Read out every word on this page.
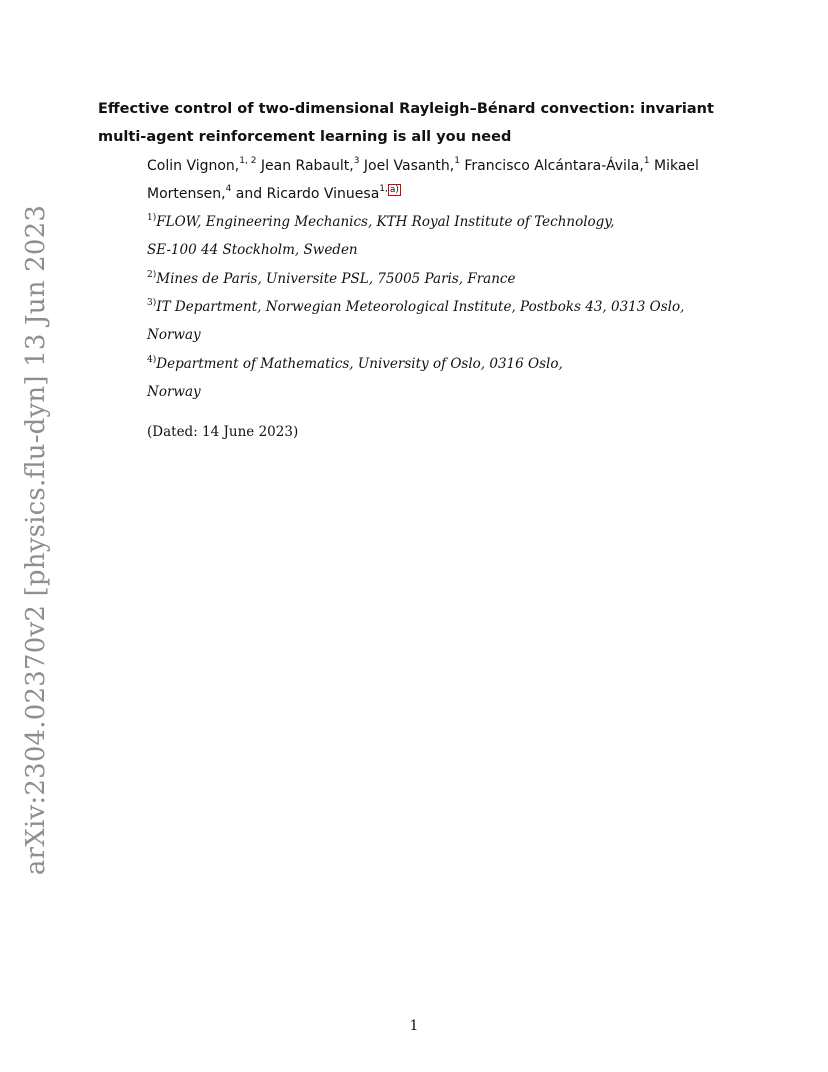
arXiv:2304.02370v2 [physics.flu-dyn] 13 Jun 2023
Effective control of two-dimensional Rayleigh–Bénard convection: invariant
multi-agent reinforcement learning is all you need
Colin Vignon,$^{1, 2}$ Jean Rabault,$^3$ Joel Vasanth,$^1$ Francisco Alcántara-Ávila,$^1$ Mikael
Mortensen,$^4$ and Ricardo Vinuesa$^{1,}$ a)
$^{1)}$FLOW, Engineering Mechanics, KTH Royal Institute of Technology,
SE-100 44 Stockholm, Sweden
$^{2)}$Mines de Paris, Universite PSL, 75005 Paris, France
$^{3)}$IT Department, Norwegian Meteorological Institute, Postboks 43, 0313 Oslo,
Norway
$^{4)}$Department of Mathematics, University of Oslo, 0316 Oslo,
Norway
(Dated: 14 June 2023)
1
